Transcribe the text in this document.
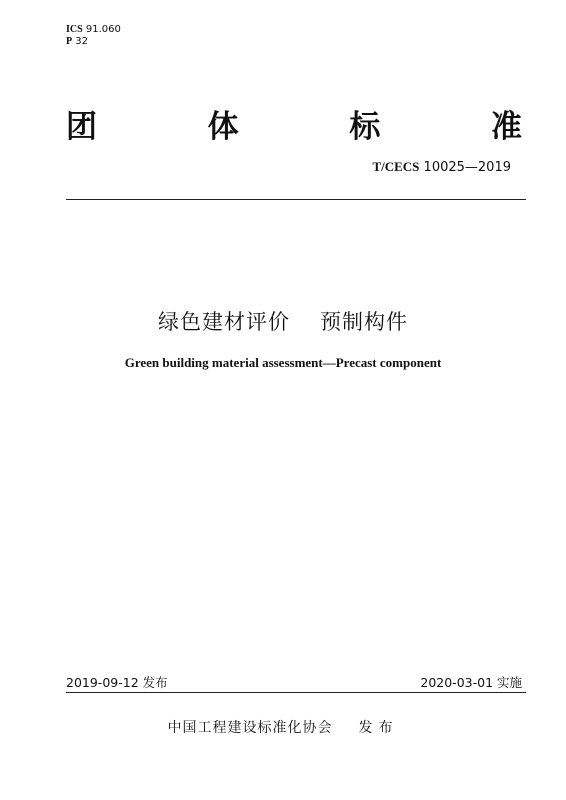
ICS 91.060
P 32
团	体	标	准
T/CECS 10025—2019
绿色建材评价 预制构件
Green building material assessment—Precast component
2019-09-12 发布	2020-03-01 实施
中国工程建设标准化协会 发布
